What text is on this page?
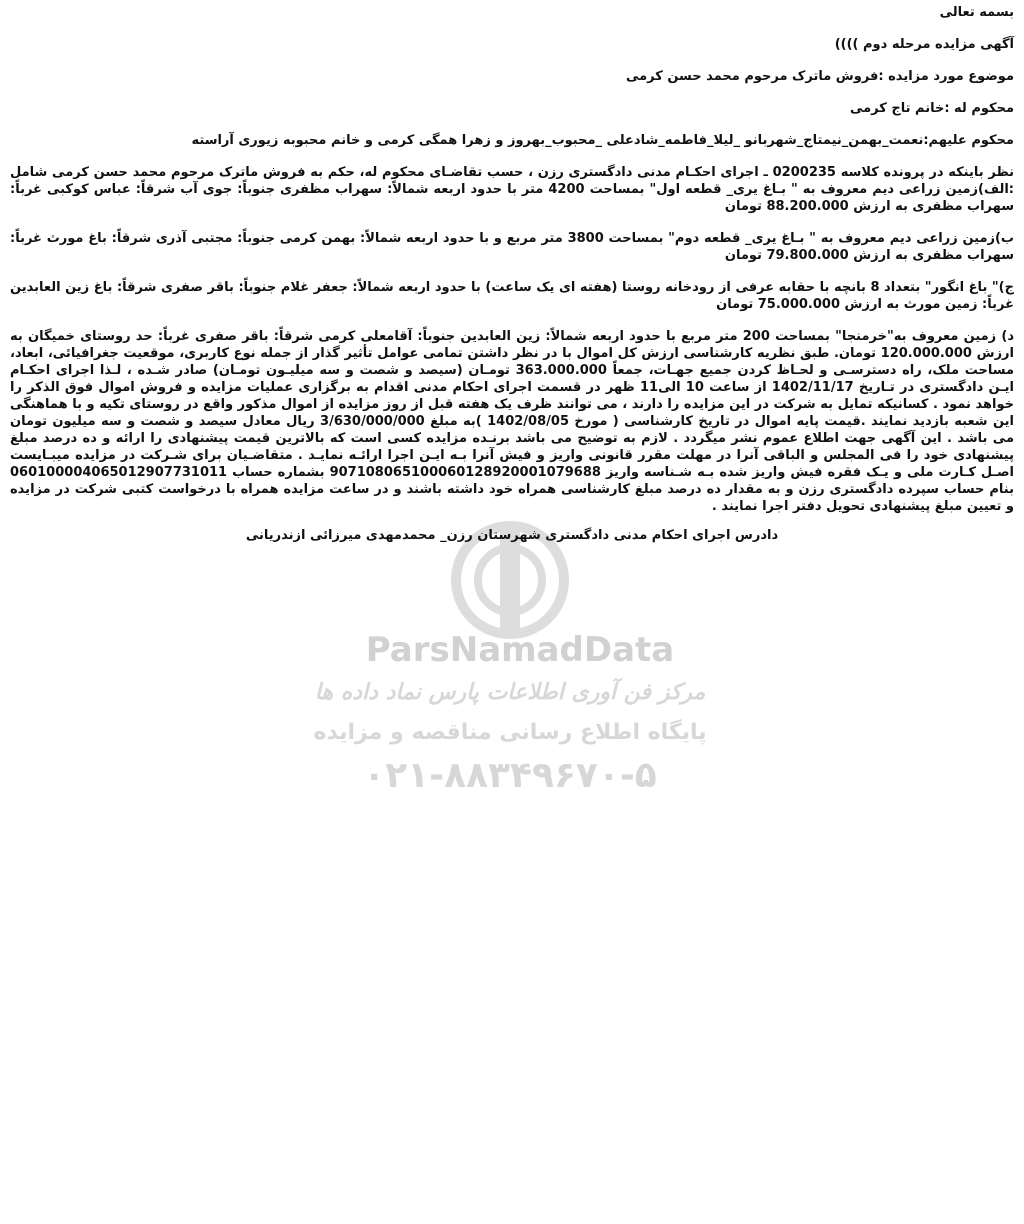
ParsNamadData
مرکز فن آوری اطلاعات پارس نماد داده ها
پایگاه اطلاع رسانی مناقصه و مزایده
۰۲۱-۸۸۳۴۹۶۷۰-۵
بسمه تعالی
آگهی مزایده مرحله دوم ))))
موضوع مورد مزایده :فروش ماترک مرحوم محمد حسن کرمی
محکوم له :خانم تاج کرمی
محکوم علیهم:نعمت_بهمن_نیمتاج_شهربانو _لیلا_فاطمه_شادعلی _محبوب_بهروز و زهرا همگی کرمی و خانم محبوبه زیوری آراسته
نظر باینکه در پرونده کلاسه 0200235 ـ اجرای احکـام مدنی دادگستری رزن ، حسب تقاضـای محکوم له، حکم به فروش ماترک مرحوم محمد حسن کرمی شامل :الف)زمین زراعی دیم معروف به " بـاغ یری_ قطعه اول" بمساحت 4200 متر با حدود اربعه شمالاً: سهراب مظفری جنوباً: جوی آب شرقاً: عباس کوکبی غرباً: سهراب مظفری به ارزش 88.200.000 تومان
ب)زمین زراعی دیم معروف به " بـاغ یری_ قطعه دوم" بمساحت 3800 متر مربع و با حدود اربعه شمالاً: بهمن کرمی جنوباً: مجتبی آذری شرقاً: باغ مورث غرباً: سهراب مظفری به ارزش 79.800.000 تومان
ج)" باغ انگور" بتعداد 8 بانچه با حقابه عرفی از رودخانه روستا (هفته ای یک ساعت) با حدود اربعه شمالاً: جعفر غلام جنوباً: باقر صفری شرقاً: باغ زین العابدین غرباً: زمین مورث به ارزش 75.000.000 تومان
د) زمین معروف به"خرمنجا" بمساحت 200 متر مربع با حدود اربعه شمالاً: زین العابدین جنوباً: آقامعلی کرمی شرقاً: باقر صفری غرباً: حد روستای خمیگان به ارزش 120.000.000 تومان. طبق نظریه کارشناسی ارزش کل اموال با در نظر داشتن تمامی عوامل تأثیر گذار از جمله نوع کاربری، موقعیت جغرافیائی، ابعاد، مساحت ملک، راه دسترسـی و لحـاظ کردن جمیع جهـات، جمعاً 363.000.000 تومـان (سیصد و شصت و سه میلیـون تومـان) صادر شـده ، لـذا اجرای احکـام ایـن دادگستری در تـاریخ 1402/11/17 از ساعت 10 الی11 ظهر در قسمت اجرای احکام مدنی اقدام به برگزاری عملیات مزایده و فروش اموال فوق الذکر را خواهد نمود . کسانیکه تمایل به شرکت در این مزایده را دارند ، می توانند ظرف یک هفته قبل از روز مزایده از اموال مذکور واقع در روستای تکیه و با هماهنگی این شعبه بازدید نمایند .قیمت پایه اموال در تاریخ کارشناسی ( مورخ 1402/08/05 )به مبلغ 3/630/000/000 ریال معادل سیصد و شصت و سه میلیون تومان می باشد . این آگهی جهت اطلاع عموم نشر میگردد . لازم به توضیح می باشد برنـده مزایده کسی است که بالاترین قیمت پیشنهادی را ارائه و ده درصد مبلغ پیشنهادی خود را فی المجلس و الباقی آنرا در مهلت مقرر قانونی واریز و فیش آنرا بـه ایـن اجرا ارائـه نمایـد . متقاضـیان برای شـرکت در مزایده میبـایست اصـل کـارت ملی و یـک فقره فیش واریز شده بـه شـناسه واریز 907108065100060128920001079688 بشماره حساب 0601000040650129077310​11 بنام حساب سپرده دادگستری رزن و به مقدار ده درصد مبلغ کارشناسی همراه خود داشته باشند و در ساعت مزایده همراه با درخواست کتبی شرکت در مزایده و تعیین مبلغ پیشنهادی تحویل دفتر اجرا نمایند .
دادرس اجرای احکام مدنی دادگستری شهرستان رزن_ محمدمهدی میرزائی ازندریانی
